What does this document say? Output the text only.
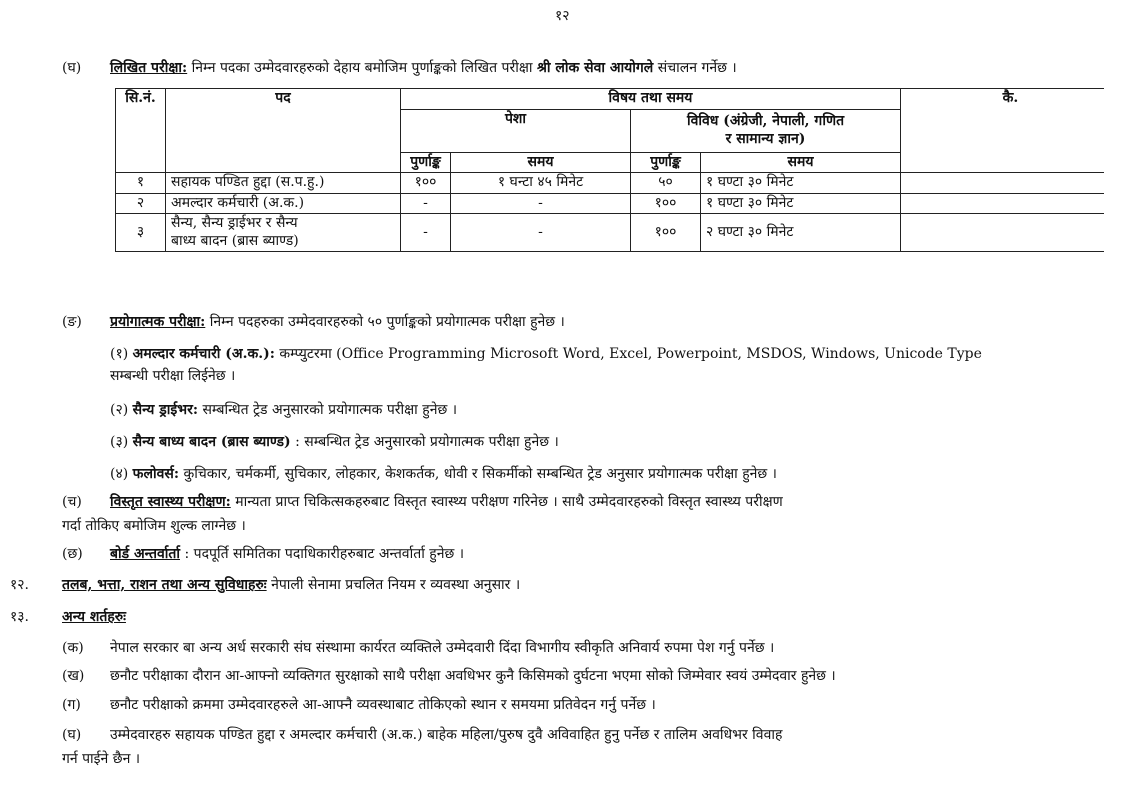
१२
(घ) लिखित परीक्षा: निम्न पदका उम्मेदवारहरुको देहाय बमोजिम पुर्णाङ्कको लिखित परीक्षा श्री लोक सेवा आयोगले संचालन गर्नेछ ।
सि.नं.	पद	विषय तथा समय				कै.
		पेशा		विविध (अंग्रेजी, नेपाली, गणित
र सामान्य ज्ञान)		

		पुर्णाङ्क	समय	पुर्णाङ्क	समय	
१	सहायक पण्डित हुद्दा (स.प.हु.)	१००	१ घन्टा ४५ मिनेट	५०	१ घण्टा ३० मिनेट	
२	अमल्दार कर्मचारी (अ.क.)	-	-	१००	१ घण्टा ३० मिनेट	
३	सैन्य, सैन्य ड्राईभर र सैन्य
बाध्य बादन (ब्रास ब्याण्ड)	-	-	१००	२ घण्टा ३० मिनेट	
(ङ) प्रयोगात्मक परीक्षा: निम्न पदहरुका उम्मेदवारहरुको ५० पुर्णाङ्कको प्रयोगात्मक परीक्षा हुनेछ ।
(१) अमल्दार कर्मचारी (अ.क.): कम्प्युटरमा (Office Programming Microsoft Word, Excel, Powerpoint, MSDOS, Windows, Unicode Type
सम्बन्धी परीक्षा लिईनेछ ।
(२) सैन्य ड्राईभर: सम्बन्धित ट्रेड अनुसारको प्रयोगात्मक परीक्षा हुनेछ ।
(३) सैन्य बाध्य बादन (ब्रास ब्याण्ड) : सम्बन्धित ट्रेड अनुसारको प्रयोगात्मक परीक्षा हुनेछ ।
(४) फलोवर्स: कुचिकार, चर्मकर्मी, सुचिकार, लोहकार, केशकर्तक, धोवी र सिकर्मीको सम्बन्धित ट्रेड अनुसार प्रयोगात्मक परीक्षा हुनेछ ।
(च) विस्तृत स्वास्थ्य परीक्षण: मान्यता प्राप्त चिकित्सकहरुबाट विस्तृत स्वास्थ्य परीक्षण गरिनेछ । साथै उम्मेदवारहरुको विस्तृत स्वास्थ्य परीक्षण
गर्दा तोकिए बमोजिम शुल्क लाग्नेछ ।
(छ) बोर्ड अन्तर्वार्ता : पदपूर्ति समितिका पदाधिकारीहरुबाट अन्तर्वार्ता हुनेछ ।
१२. तलब, भत्ता, राशन तथा अन्य सुविधाहरुः नेपाली सेनामा प्रचलित नियम र व्यवस्था अनुसार ।
१३. अन्य शर्तहरुः
(क) नेपाल सरकार बा अन्य अर्ध सरकारी संघ संस्थामा कार्यरत व्यक्तिले उम्मेदवारी दिंदा विभागीय स्वीकृति अनिवार्य रुपमा पेश गर्नु पर्नेछ ।
(ख) छनौट परीक्षाका दौरान आ-आफ्नो व्यक्तिगत सुरक्षाको साथै परीक्षा अवधिभर कुनै किसिमको दुर्घटना भएमा सोको जिम्मेवार स्वयं उम्मेदवार हुनेछ ।
(ग) छनौट परीक्षाको क्रममा उम्मेदवारहरुले आ-आफ्नै व्यवस्थाबाट तोकिएको स्थान र समयमा प्रतिवेदन गर्नु पर्नेछ ।
(घ) उम्मेदवारहरु सहायक पण्डित हुद्दा र अमल्दार कर्मचारी (अ.क.) बाहेक महिला/पुरुष दुवै अविवाहित हुनु पर्नेछ र तालिम अवधिभर विवाह
गर्न पाईने छैन ।
